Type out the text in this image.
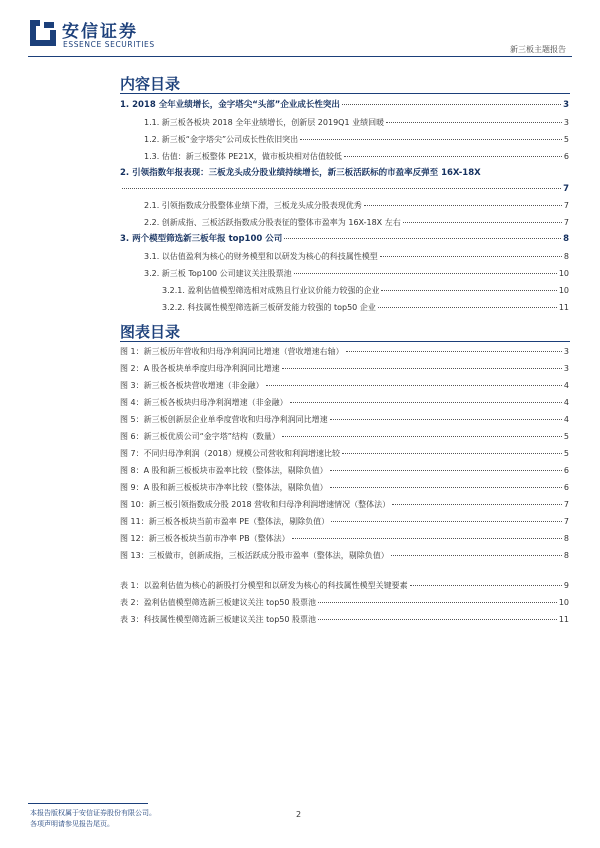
安信证券
ESSENCE SECURITIES
新三板主题报告
内容目录
1. 2018 全年业绩增长，金字塔尖“头部”企业成长性突出	3
1.1. 新三板各板块 2018 全年业绩增长，创新层 2019Q1 业绩回暖	3
1.2. 新三板“金字塔尖”公司成长性依旧突出	5
1.3. 估值：新三板整体 PE21X，做市板块相对估值较低	6
2. 引领指数年报表现：三板龙头成分股业绩持续增长，新三板活跃标的市盈率反弹至 16X-18X
7
2.1. 引领指数成分股整体业绩下滑，三板龙头成分股表现优秀	7
2.2. 创新成指、三板活跃指数成分股表征的整体市盈率为 16X-18X 左右	7
3. 两个模型筛选新三板年报 top100 公司	8
3.1. 以估值盈利为核心的财务模型和以研发为核心的科技属性模型	8
3.2. 新三板 Top100 公司建议关注股票池	10
3.2.1. 盈利估值模型筛选相对成熟且行业议价能力较强的企业	10
3.2.2. 科技属性模型筛选新三板研发能力较强的 top50 企业	11
图表目录
图 1：新三板历年营收和归母净利润同比增速（营收增速右轴）	3
图 2：A 股各板块单季度归母净利润同比增速	3
图 3：新三板各板块营收增速（非金融）	4
图 4：新三板各板块归母净利润增速（非金融）	4
图 5：新三板创新层企业单季度营收和归母净利润同比增速	4
图 6：新三板优质公司“金字塔”结构（数量）	5
图 7：不同归母净利润（2018）规模公司营收和利润增速比较	5
图 8：A 股和新三板板块市盈率比较（整体法，剔除负值）	6
图 9：A 股和新三板板块市净率比较（整体法，剔除负值）	6
图 10：新三板引领指数成分股 2018 营收和归母净利润增速情况（整体法）	7
图 11：新三板各板块当前市盈率 PE（整体法，剔除负值）	7
图 12：新三板各板块当前市净率 PB（整体法）	8
图 13：三板做市，创新成指，三板活跃成分股市盈率（整体法，剔除负值）	8
表 1：以盈利估值为核心的新股打分模型和以研发为核心的科技属性模型关键要素	9
表 2：盈利估值模型筛选新三板建议关注 top50 股票池	10
表 3：科技属性模型筛选新三板建议关注 top50 股票池	11
本报告版权属于安信证券股份有限公司。
各项声明请参见报告尾页。
2
